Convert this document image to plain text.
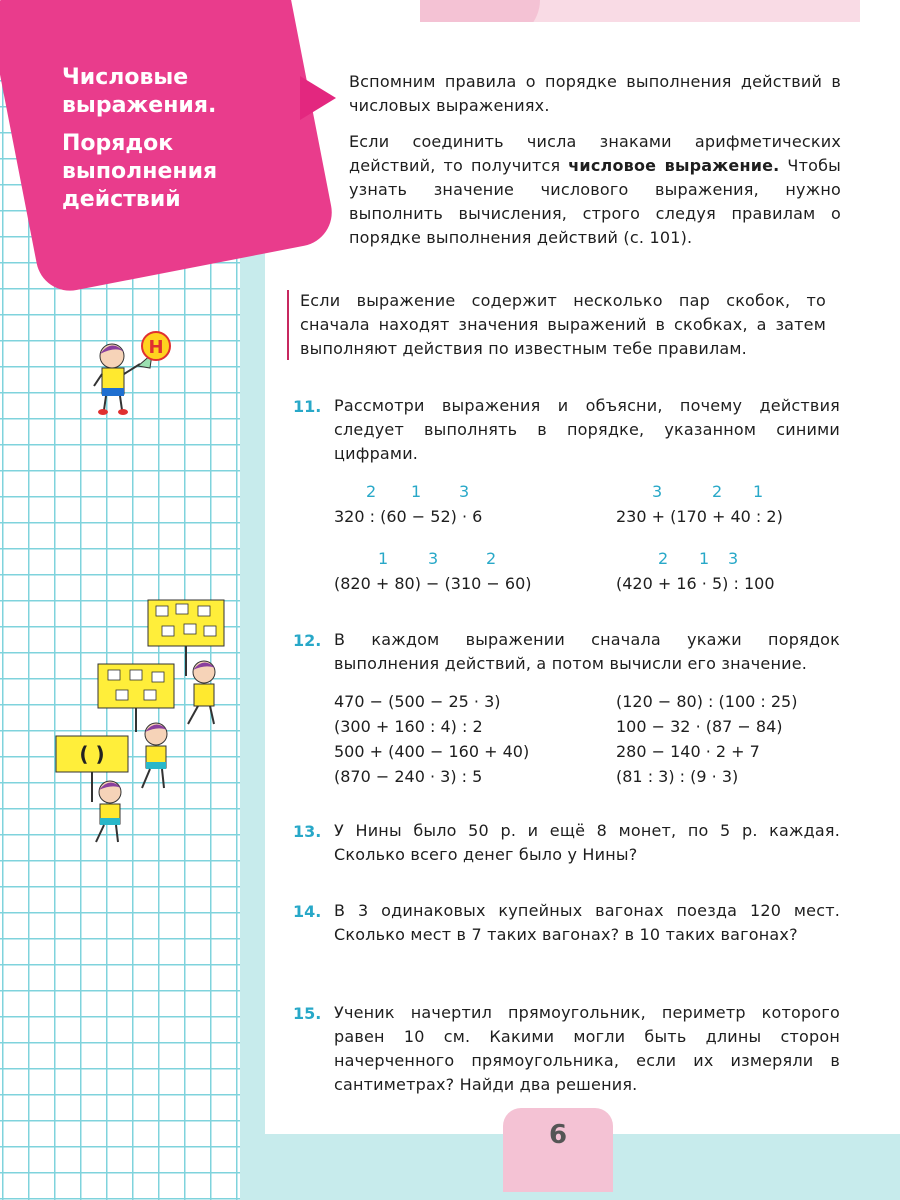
Числовые выражения.
Порядок выполнения действий
Вспомним правила о порядке выполнения действий в числовых выражениях.
Если соединить числа знаками арифметических действий, то получится числовое выражение. Чтобы узнать значение числового выражения, нужно выполнить вычисления, строго следуя правилам о порядке выполнения действий (с. 101).
Если выражение содержит несколько пар скобок, то сначала находят значения выражений в скобках, а затем выполняют действия по известным тебе правилам.
11. Рассмотри выражения и объясни, почему действия следует выполнять в порядке, указанном синими цифрами.
2 1 3
320 : (60 − 52) · 6
3	2 1
230 + (170 + 40 : 2)
1 3	2
(820 + 80) − (310 − 60)
2 1 3
(420 + 16 · 5) : 100
12. В каждом выражении сначала укажи порядок выполнения действий, а потом вычисли его значение.
470 − (500 − 25 · 3)
(300 + 160 : 4) : 2
500 + (400 − 160 + 40)
(870 − 240 · 3) : 5
(120 − 80) : (100 : 25)
100 − 32 · (87 − 84)
280 − 140 · 2 + 7
(81 : 3) : (9 · 3)
13. У Нины было 50 р. и ещё 8 монет, по 5 р. каждая. Сколько всего денег было у Нины?
14. В 3 одинаковых купейных вагонах поезда 120 мест. Сколько мест в 7 таких вагонах? в 10 таких вагонах?
15. Ученик начертил прямоугольник, периметр которого равен 10 см. Какими могли быть длины сторон начерченного прямоугольника, если их измеряли в сантиметрах? Найди два решения.
6
Н
( )
